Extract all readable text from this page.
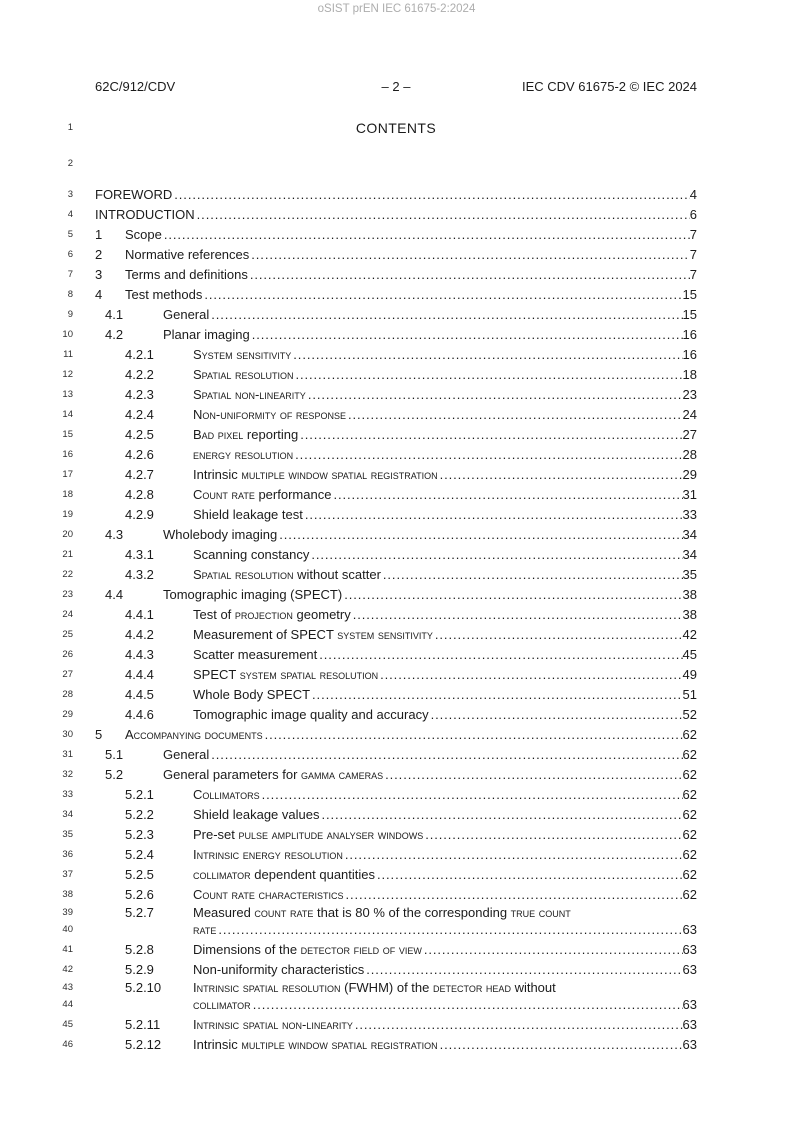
oSIST prEN IEC 61675-2:2024
62C/912/CDV	– 2 –	IEC CDV 61675-2 © IEC 2024
1	CONTENTS
2
3 FOREWORD .....	4
4 INTRODUCTION .....	6
5 1	Scope .....	7
6 2	Normative references .....	7
7 3	Terms and definitions .....	7
8 4	Test methods .....	15
9 4.1	General .....	15
10 4.2	Planar imaging .....	16
11	4.2.1	System sensitivity .....	16
12	4.2.2	Spatial resolution .....	18
13	4.2.3	Spatial non-linearity .....	23
14	4.2.4	Non-uniformity of response .....	24
15	4.2.5	Bad pixel reporting .....	27
16	4.2.6	energy resolution .....	28
17	4.2.7	Intrinsic multiple window spatial registration .....	29
18	4.2.8	Count rate performance .....	31
19	4.2.9	Shield leakage test .....	33
20 4.3	Wholebody imaging .....	34
21	4.3.1	Scanning constancy .....	34
22	4.3.2	Spatial resolution without scatter .....	35
23 4.4	Tomographic imaging (SPECT) .....	38
24	4.4.1	Test of projection geometry .....	38
25	4.4.2	Measurement of SPECT system sensitivity .....	42
26	4.4.3	Scatter measurement .....	45
27	4.4.4	SPECT system spatial resolution .....	49
28	4.4.5	Whole Body SPECT .....	51
29	4.4.6	Tomographic image quality and accuracy .....	52
30 5	Accompanying documents .....	62
31 5.1	General .....	62
32 5.2	General parameters for gamma cameras .....	62
33	5.2.1	Collimators .....	62
34	5.2.2	Shield leakage values .....	62
35	5.2.3	Pre-set pulse amplitude analyser windows .....	62
36	5.2.4	Intrinsic energy resolution .....	62
37	5.2.5	collimator dependent quantities .....	62
38	5.2.6	Count rate characteristics .....	62
39	5.2.7	Measured count rate that is 80 % of the corresponding true count
40	rate .....	63
41	5.2.8	Dimensions of the detector field of view .....	63
42	5.2.9	Non-uniformity characteristics .....	63
43	5.2.10	Intrinsic spatial resolution (FWHM) of the detector head without
44	collimator .....	63
45	5.2.11	Intrinsic spatial non-linearity .....	63
46	5.2.12	Intrinsic multiple window spatial registration .....	63
